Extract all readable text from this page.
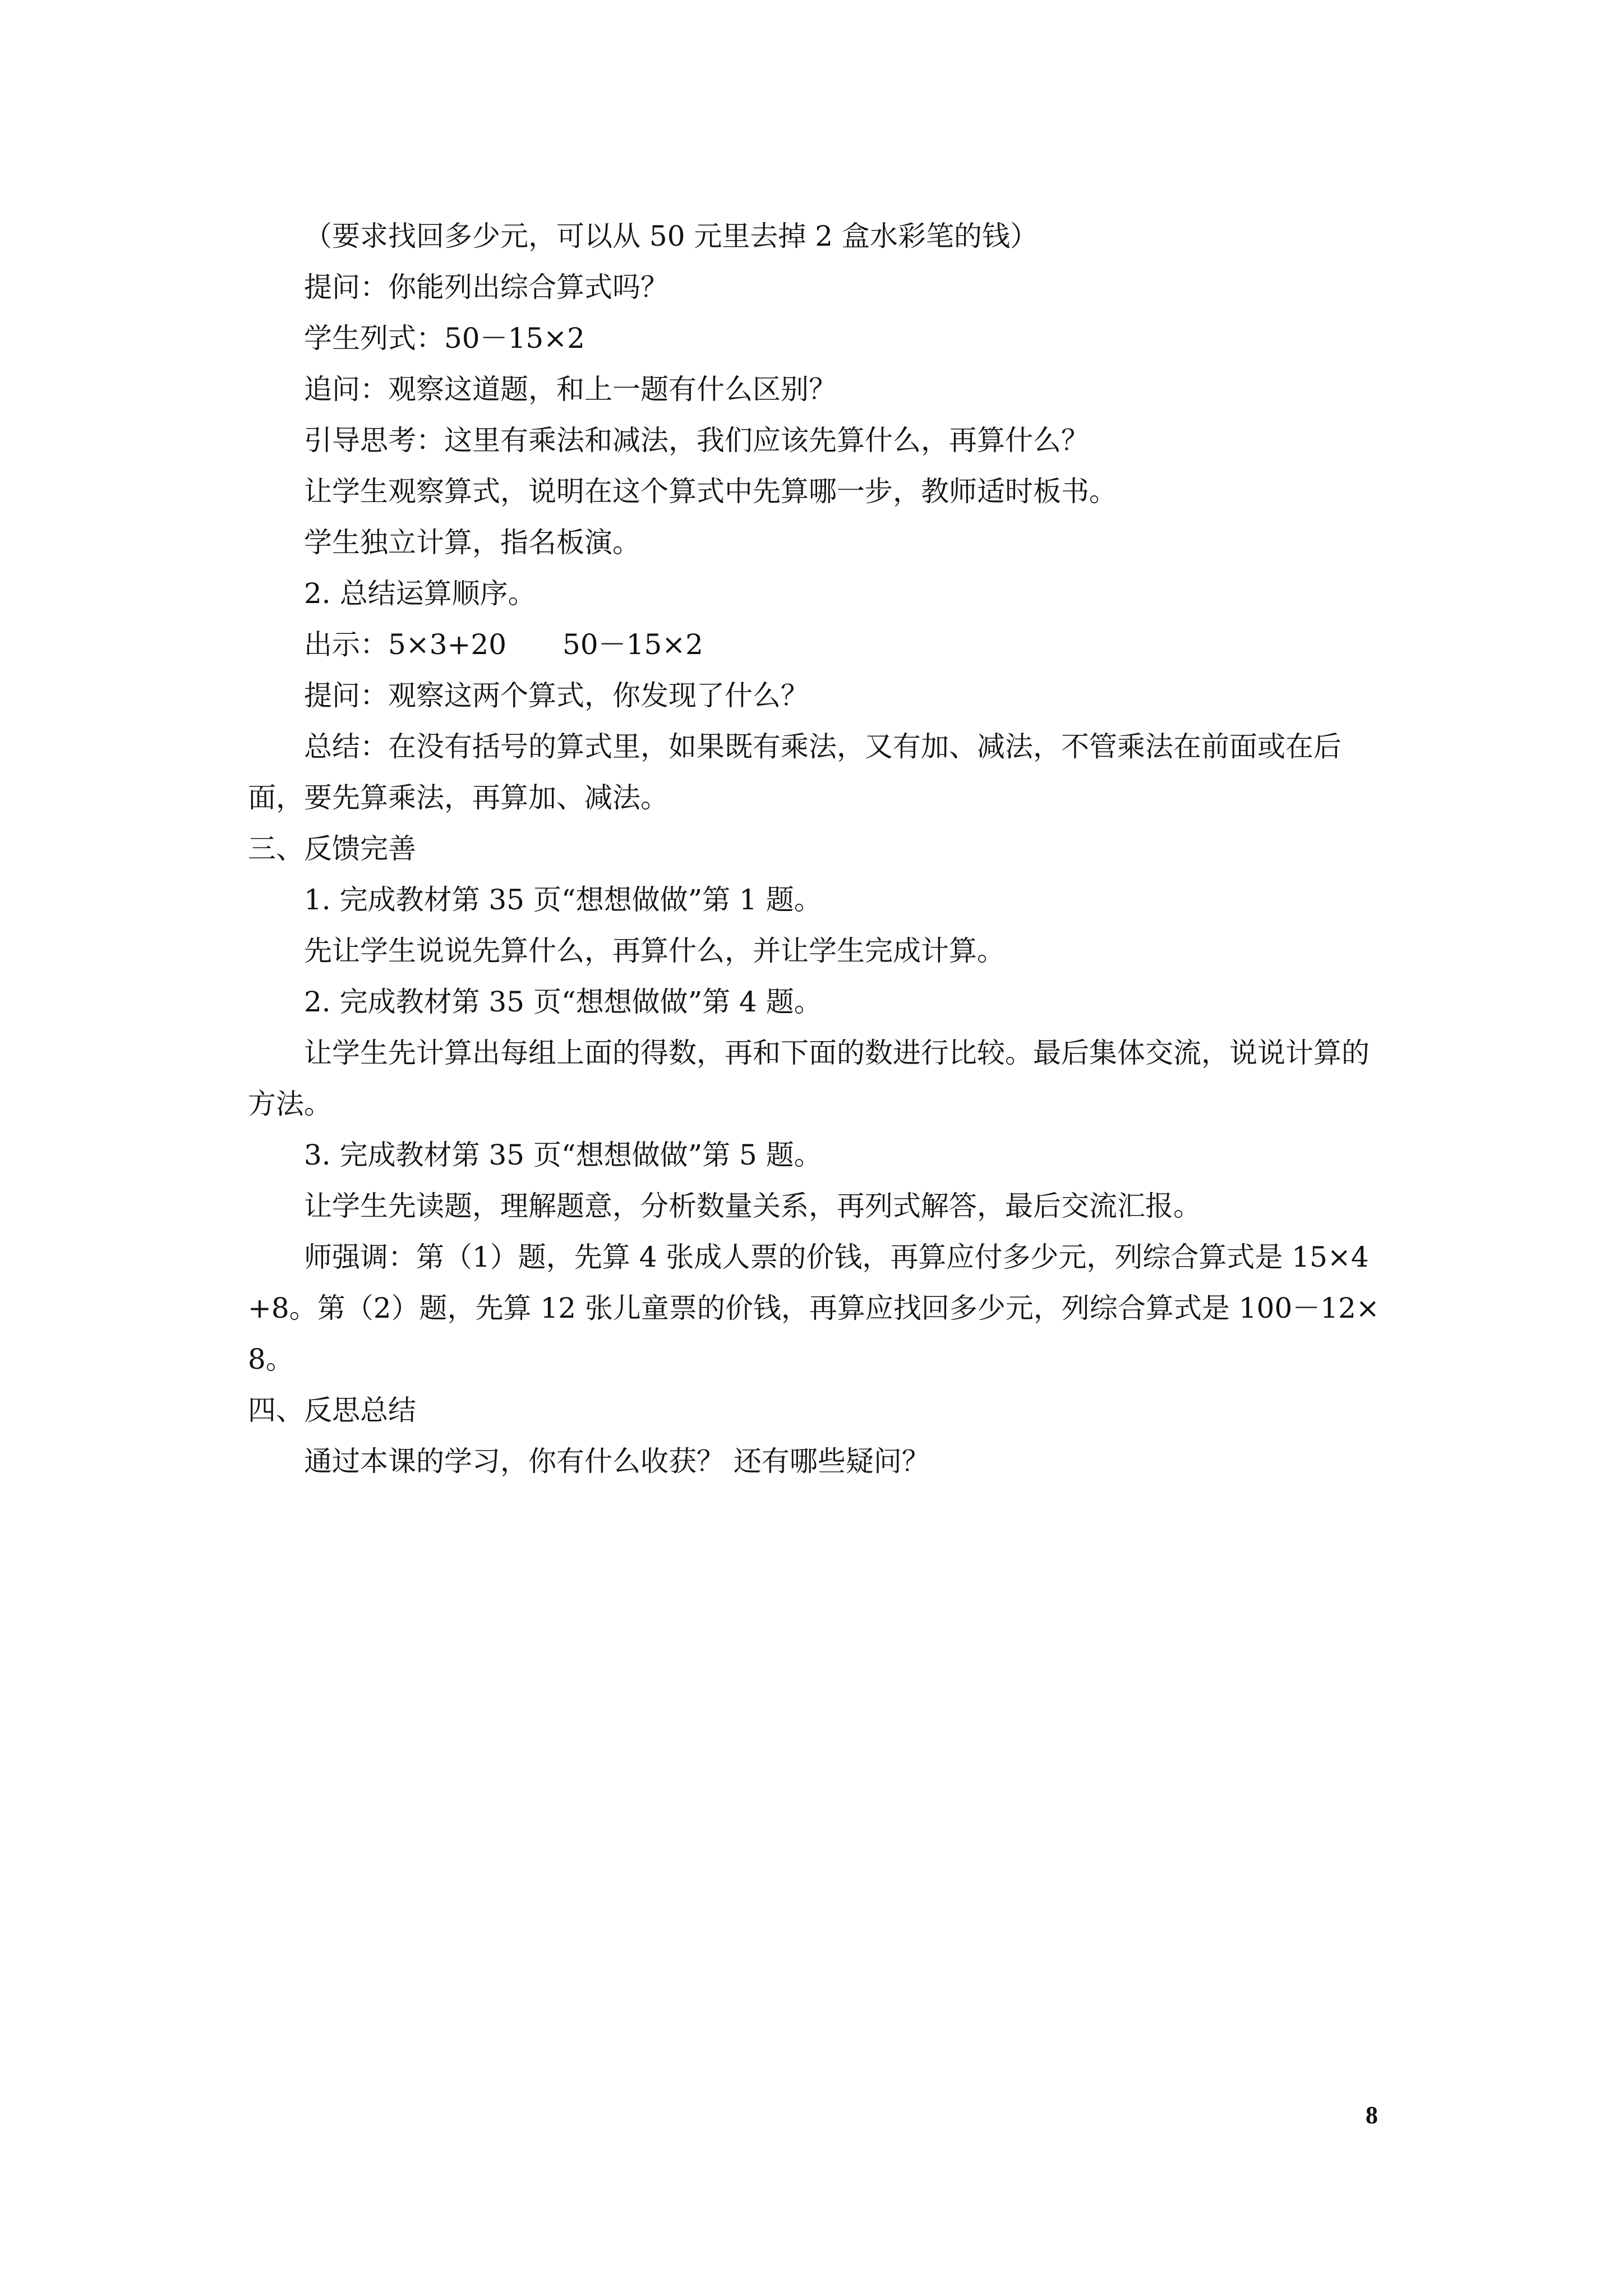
（要求找回多少元，可以从 50 元里去掉 2 盒水彩笔的钱）

提问：你能列出综合算式吗？

学生列式：50－15×2

追问：观察这道题，和上一题有什么区别？

引导思考：这里有乘法和减法，我们应该先算什么，再算什么？

让学生观察算式，说明在这个算式中先算哪一步，教师适时板书。

学生独立计算，指名板演。

2. 总结运算顺序。

出示：5×3+20　　50－15×2

提问：观察这两个算式，你发现了什么？

总结：在没有括号的算式里，如果既有乘法，又有加、减法，不管乘法在前面或在后面，要先算乘法，再算加、减法。

三、反馈完善

1. 完成教材第 35 页“想想做做”第 1 题。

先让学生说说先算什么，再算什么，并让学生完成计算。

2. 完成教材第 35 页“想想做做”第 4 题。

让学生先计算出每组上面的得数，再和下面的数进行比较。最后集体交流，说说计算的方法。

3. 完成教材第 35 页“想想做做”第 5 题。

让学生先读题，理解题意，分析数量关系，再列式解答，最后交流汇报。

师强调：第（1）题，先算 4 张成人票的价钱，再算应付多少元，列综合算式是 15×4+8。第（2）题，先算 12 张儿童票的价钱，再算应找回多少元，列综合算式是 100－12×8。

四、反思总结

通过本课的学习，你有什么收获？ 还有哪些疑问？

8
